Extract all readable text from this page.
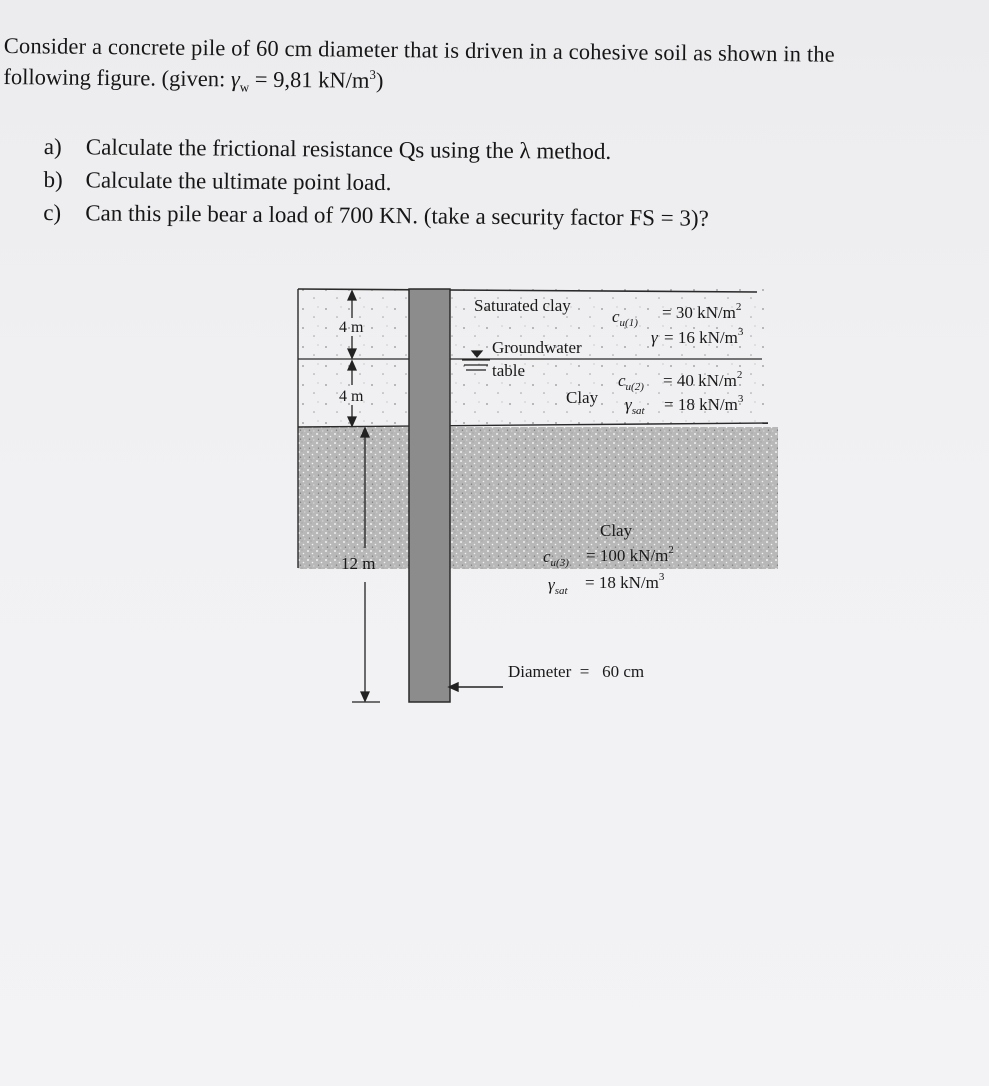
Consider a concrete pile of 60 cm diameter that is driven in a cohesive soil as shown in the
following figure. (given: $\gamma_w = 9,81$ $kN/m^3$)
a)	Calculate the frictional resistance Qs using the λ method.
b) Calculate the ultimate point load.
c)	Can this pile bear a load of 700 KN. (take a security factor FS = 3)?
4 m
4 m
12 m
Saturated clay
$c_{u(1)}$
= 30 $kN/m^2$
γ = 16 $kN/m^3$
Groundwater
table
Clay
$c_{u(2)} = 40$ $kN/m^2$
$\gamma_{sat} = 18$ $kN/m^3$
Clay
$c_{u(3)} = 100$ $kN/m^2$
$\gamma_{sat} = 18$ $kN/m^3$
Diameter  =   60 cm
